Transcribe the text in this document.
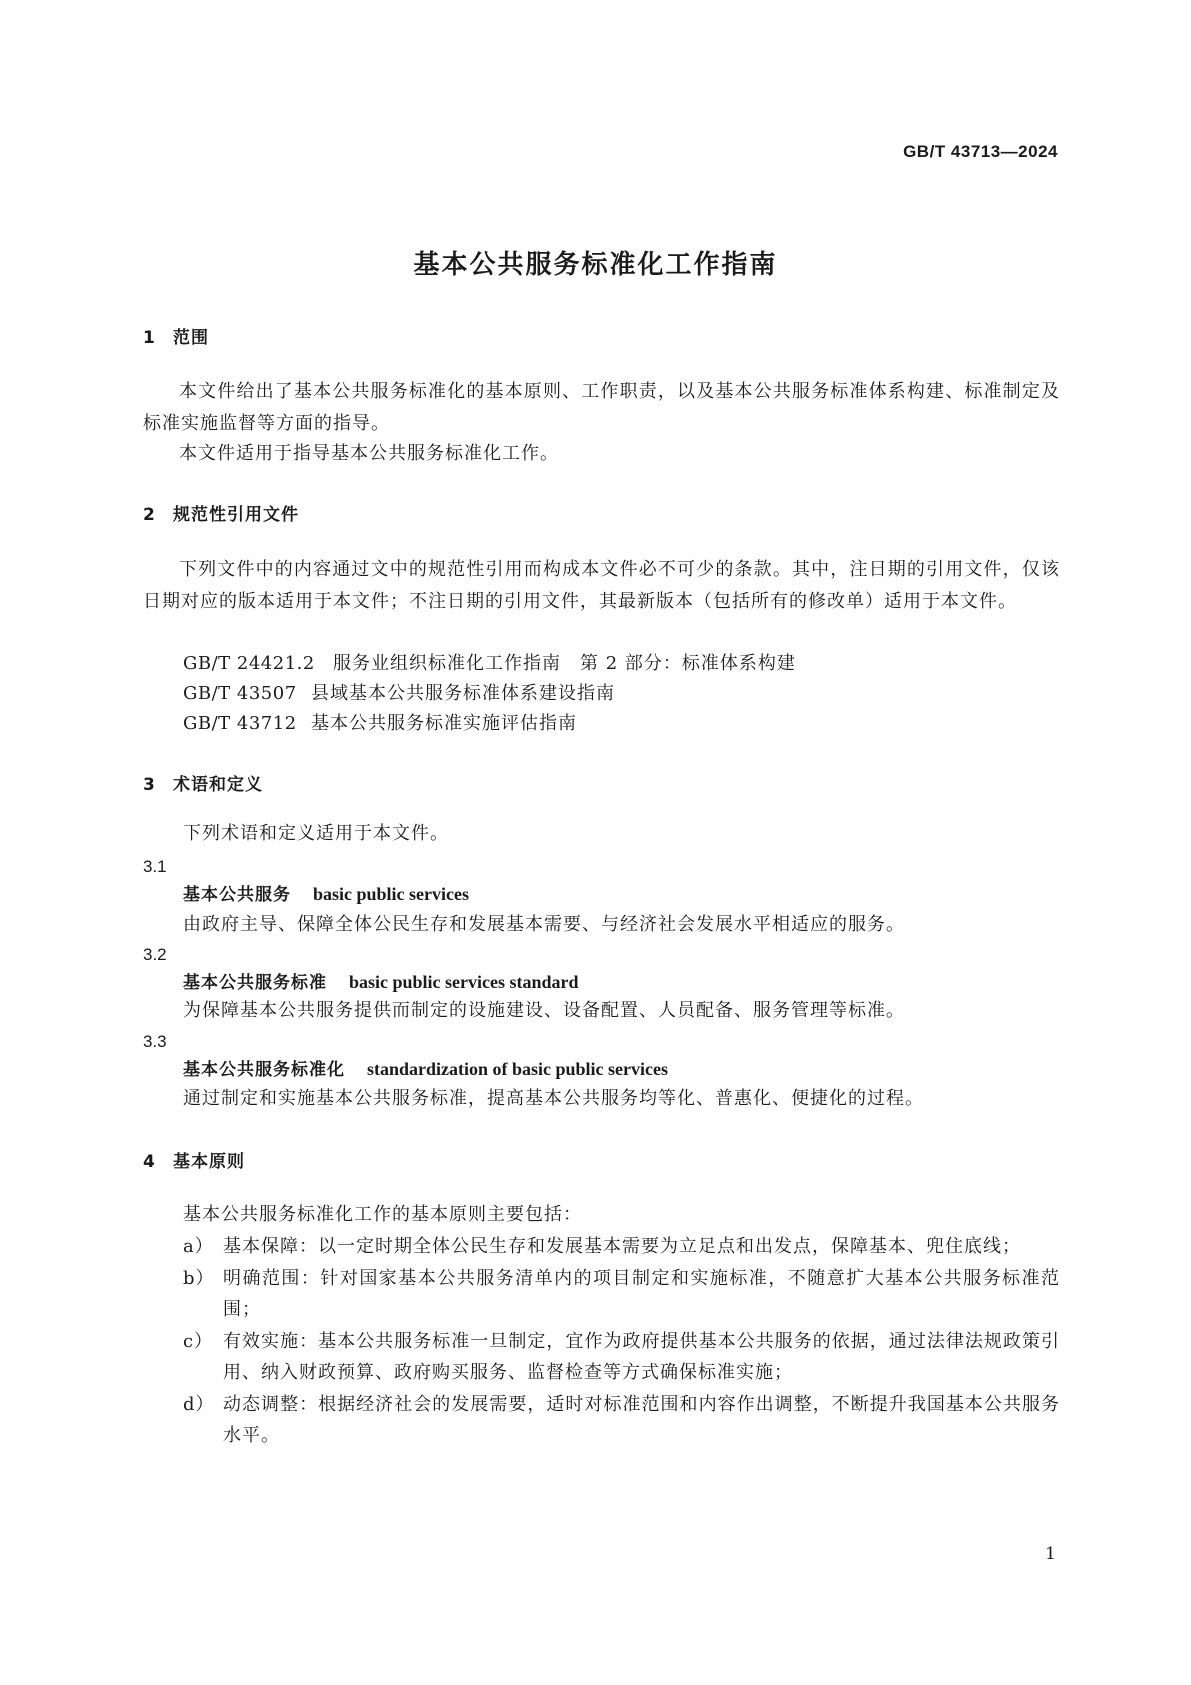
GB/T 43713—2024
基本公共服务标准化工作指南
1 范围
本文件给出了基本公共服务标准化的基本原则、工作职责，以及基本公共服务标准体系构建、标准制定及标准实施监督等方面的指导。
本文件适用于指导基本公共服务标准化工作。
2 规范性引用文件
下列文件中的内容通过文中的规范性引用而构成本文件必不可少的条款。其中，注日期的引用文件，仅该日期对应的版本适用于本文件；不注日期的引用文件，其最新版本（包括所有的修改单）适用于本文件。
GB/T 24421.2 服务业组织标准化工作指南　第 2 部分：标准体系构建
GB/T 43507 县域基本公共服务标准体系建设指南
GB/T 43712 基本公共服务标准实施评估指南
3 术语和定义
下列术语和定义适用于本文件。
3.1
基本公共服务 basic public services
由政府主导、保障全体公民生存和发展基本需要、与经济社会发展水平相适应的服务。
3.2
基本公共服务标准 basic public services standard
为保障基本公共服务提供而制定的设施建设、设备配置、人员配备、服务管理等标准。
3.3
基本公共服务标准化 standardization of basic public services
通过制定和实施基本公共服务标准，提高基本公共服务均等化、普惠化、便捷化的过程。
4 基本原则
基本公共服务标准化工作的基本原则主要包括：
a） 基本保障：以一定时期全体公民生存和发展基本需要为立足点和出发点，保障基本、兜住底线；
b） 明确范围：针对国家基本公共服务清单内的项目制定和实施标准，不随意扩大基本公共服务标准范围；
c） 有效实施：基本公共服务标准一旦制定，宜作为政府提供基本公共服务的依据，通过法律法规政策引用、纳入财政预算、政府购买服务、监督检查等方式确保标准实施；
d） 动态调整：根据经济社会的发展需要，适时对标准范围和内容作出调整，不断提升我国基本公共服务水平。
1
